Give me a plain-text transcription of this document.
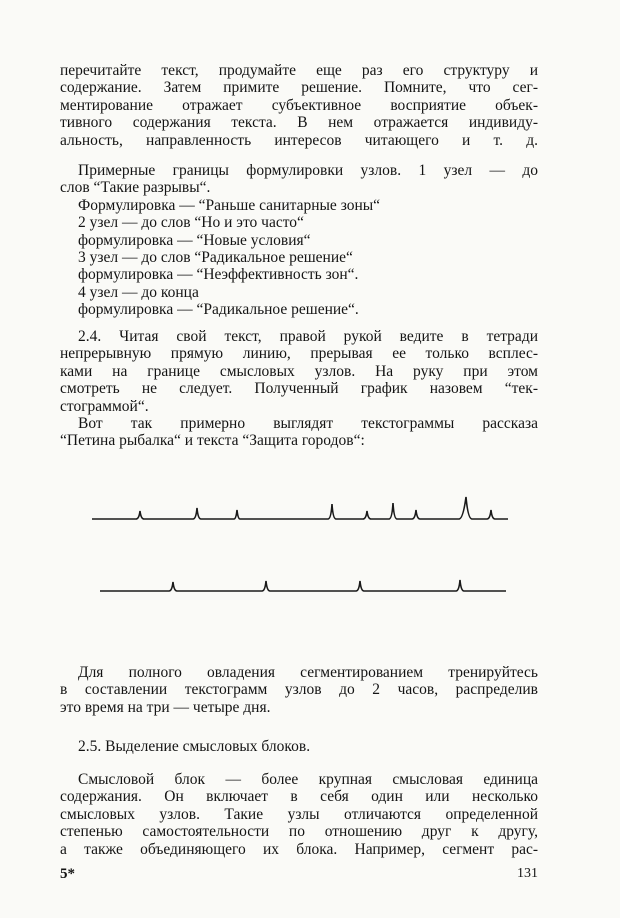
перечитайте текст, продумайте еще раз его структуру и
содержание. Затем примите решение. Помните, что сег-
ментирование отражает субъективное восприятие объек-
тивного содержания текста. В нем отражается индивиду-
альность, направленность интересов читающего и т. д.
Примерные границы формулировки узлов. 1 узел — до
слов “Такие разрывы“.
Формулировка — “Раньше санитарные зоны“
2 узел — до слов “Но и это часто“
формулировка — “Новые условия“
3 узел — до слов “Радикальное решение“
формулировка — “Неэффективность зон“.
4 узел — до конца
формулировка — “Радикальное решение“.
2.4. Читая свой текст, правой рукой ведите в тетради
непрерывную прямую линию, прерывая ее только всплес-
ками на границе смысловых узлов. На руку при этом
смотреть не следует. Полученный график назовем “тек-
стограммой“.
Вот так примерно выглядят текстограммы рассказа
“Петина рыбалка“ и текста “Защита городов“:
Для полного овладения сегментированием тренируйтесь
в составлении текстограмм узлов до 2 часов, распределив
это время на три — четыре дня.
2.5. Выделение смысловых блоков.
Смысловой блок — более крупная смысловая единица
содержания. Он включает в себя один или несколько
смысловых узлов. Такие узлы отличаются определенной
степенью самостоятельности по отношению друг к другу,
а также объединяющего их блока. Например, сегмент рас-
5*	131
